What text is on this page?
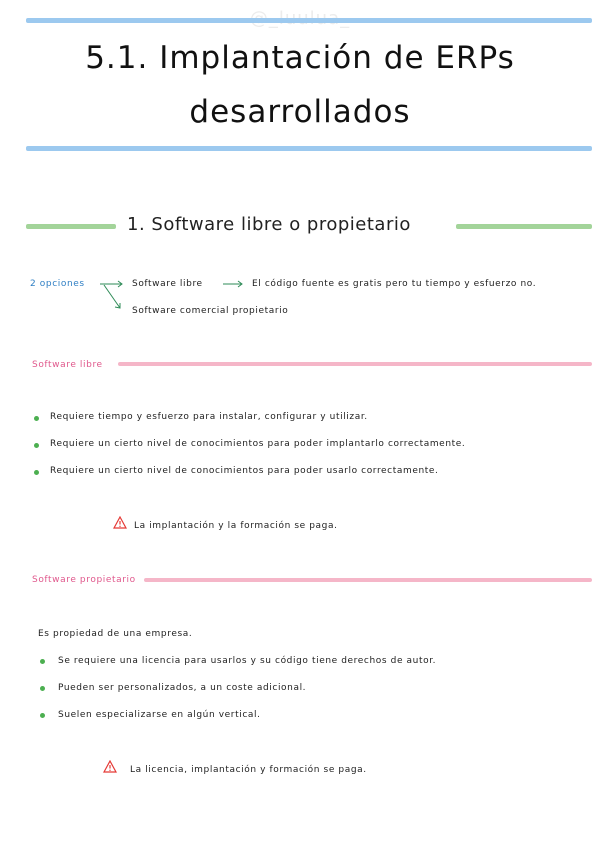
5.1. Implantación de ERPs
desarrollados
1. Software libre o propietario
2 opciones	Software libre	El código fuente es gratis pero tu tiempo y esfuerzo no.
Software comercial propietario
Software libre
Requiere tiempo y esfuerzo para instalar, configurar y utilizar.
Requiere un cierto nivel de conocimientos para poder implantarlo correctamente.
Requiere un cierto nivel de conocimientos para poder usarlo correctamente.
La implantación y la formación se paga.
Software propietario
Es propiedad de una empresa.
Se requiere una licencia para usarlos y su código tiene derechos de autor.
Pueden ser personalizados, a un coste adicional.
Suelen especializarse en algún vertical.
La licencia, implantación y formación se paga.
